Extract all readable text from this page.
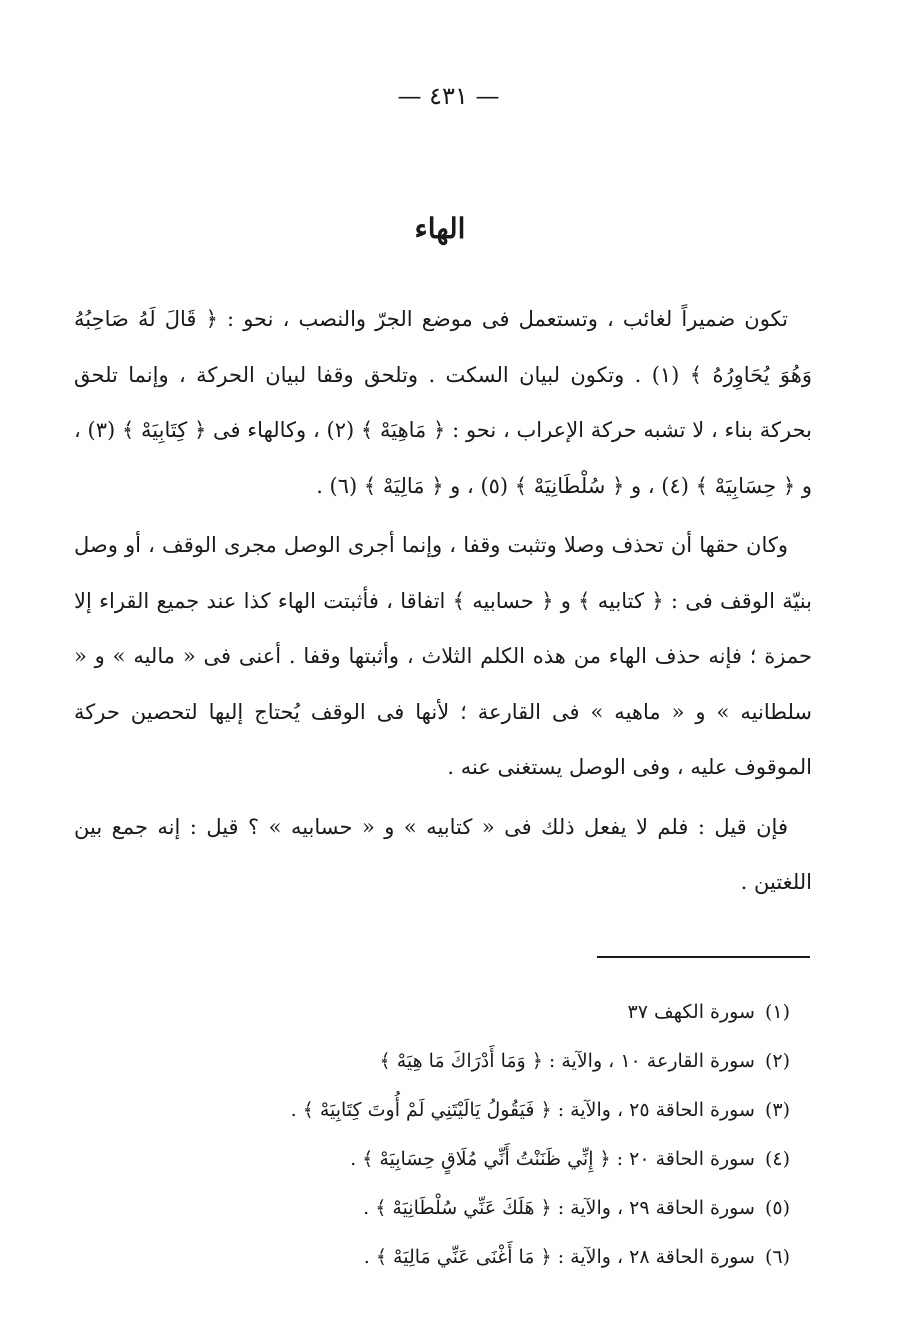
— ٤٣١ —
الهاء

تكون ضميراً لغائب ، وتستعمل فى موضع الجرّ والنصب ، نحو : ﴿ قَالَ لَهُ صَاحِبُهُ وَهُوَ يُحَاوِرُهُ ﴾ (١) . وتكون لبيان السكت . وتلحق وقفا لبيان الحركة ، وإنما تلحق بحركة بناء ، لا تشبه حركة الإعراب ، نحو : ﴿ مَاهِيَهْ ﴾ (٢) ، وكالهاء فى ﴿ كِتَابِيَهْ ﴾ (٣) ، و ﴿ حِسَابِيَهْ ﴾ (٤) ، و ﴿ سُلْطَانِيَهْ ﴾ (٥) ، و ﴿ مَالِيَهْ ﴾ (٦) .

وكان حقها أن تحذف وصلا وتثبت وقفا ، وإنما أجرى الوصل مجرى الوقف ، أو وصل بنيّة الوقف فى : ﴿ كتابيه ﴾ و ﴿ حسابيه ﴾ اتفاقا ، فأثبتت الهاء كذا عند جميع القراء إلا حمزة ؛ فإنه حذف الهاء من هذه الكلم الثلاث ، وأثبتها وقفا . أعنى فى « ماليه » و « سلطانيه » و « ماهيه » فى القارعة ؛ لأنها فى الوقف يُحتاج إليها لتحصين حركة الموقوف عليه ، وفى الوصل يستغنى عنه .

فإن قيل : فلم لا يفعل ذلك فى « كتابيه » و « حسابيه » ؟ قيل : إنه جمع بين اللغتين .

(١) سورة الكهف ٣٧
(٢) سورة القارعة ١٠ ، والآية : ﴿ وَمَا أَدْرَاكَ مَا هِيَهْ ﴾
(٣) سورة الحاقة ٢٥ ، والآية : ﴿ فَيَقُولُ يَالَيْتَنِي لَمْ أُوتَ كِتَابِيَهْ ﴾ .
(٤) سورة الحاقة ٢٠ : ﴿ إِنِّي ظَنَنْتُ أَنِّي مُلَاقٍ حِسَابِيَهْ ﴾ .
(٥) سورة الحاقة ٢٩ ، والآية : ﴿ هَلَكَ عَنِّي سُلْطَانِيَهْ ﴾ .
(٦) سورة الحاقة ٢٨ ، والآية : ﴿ مَا أَغْنَى عَنِّي مَالِيَهْ ﴾ .
